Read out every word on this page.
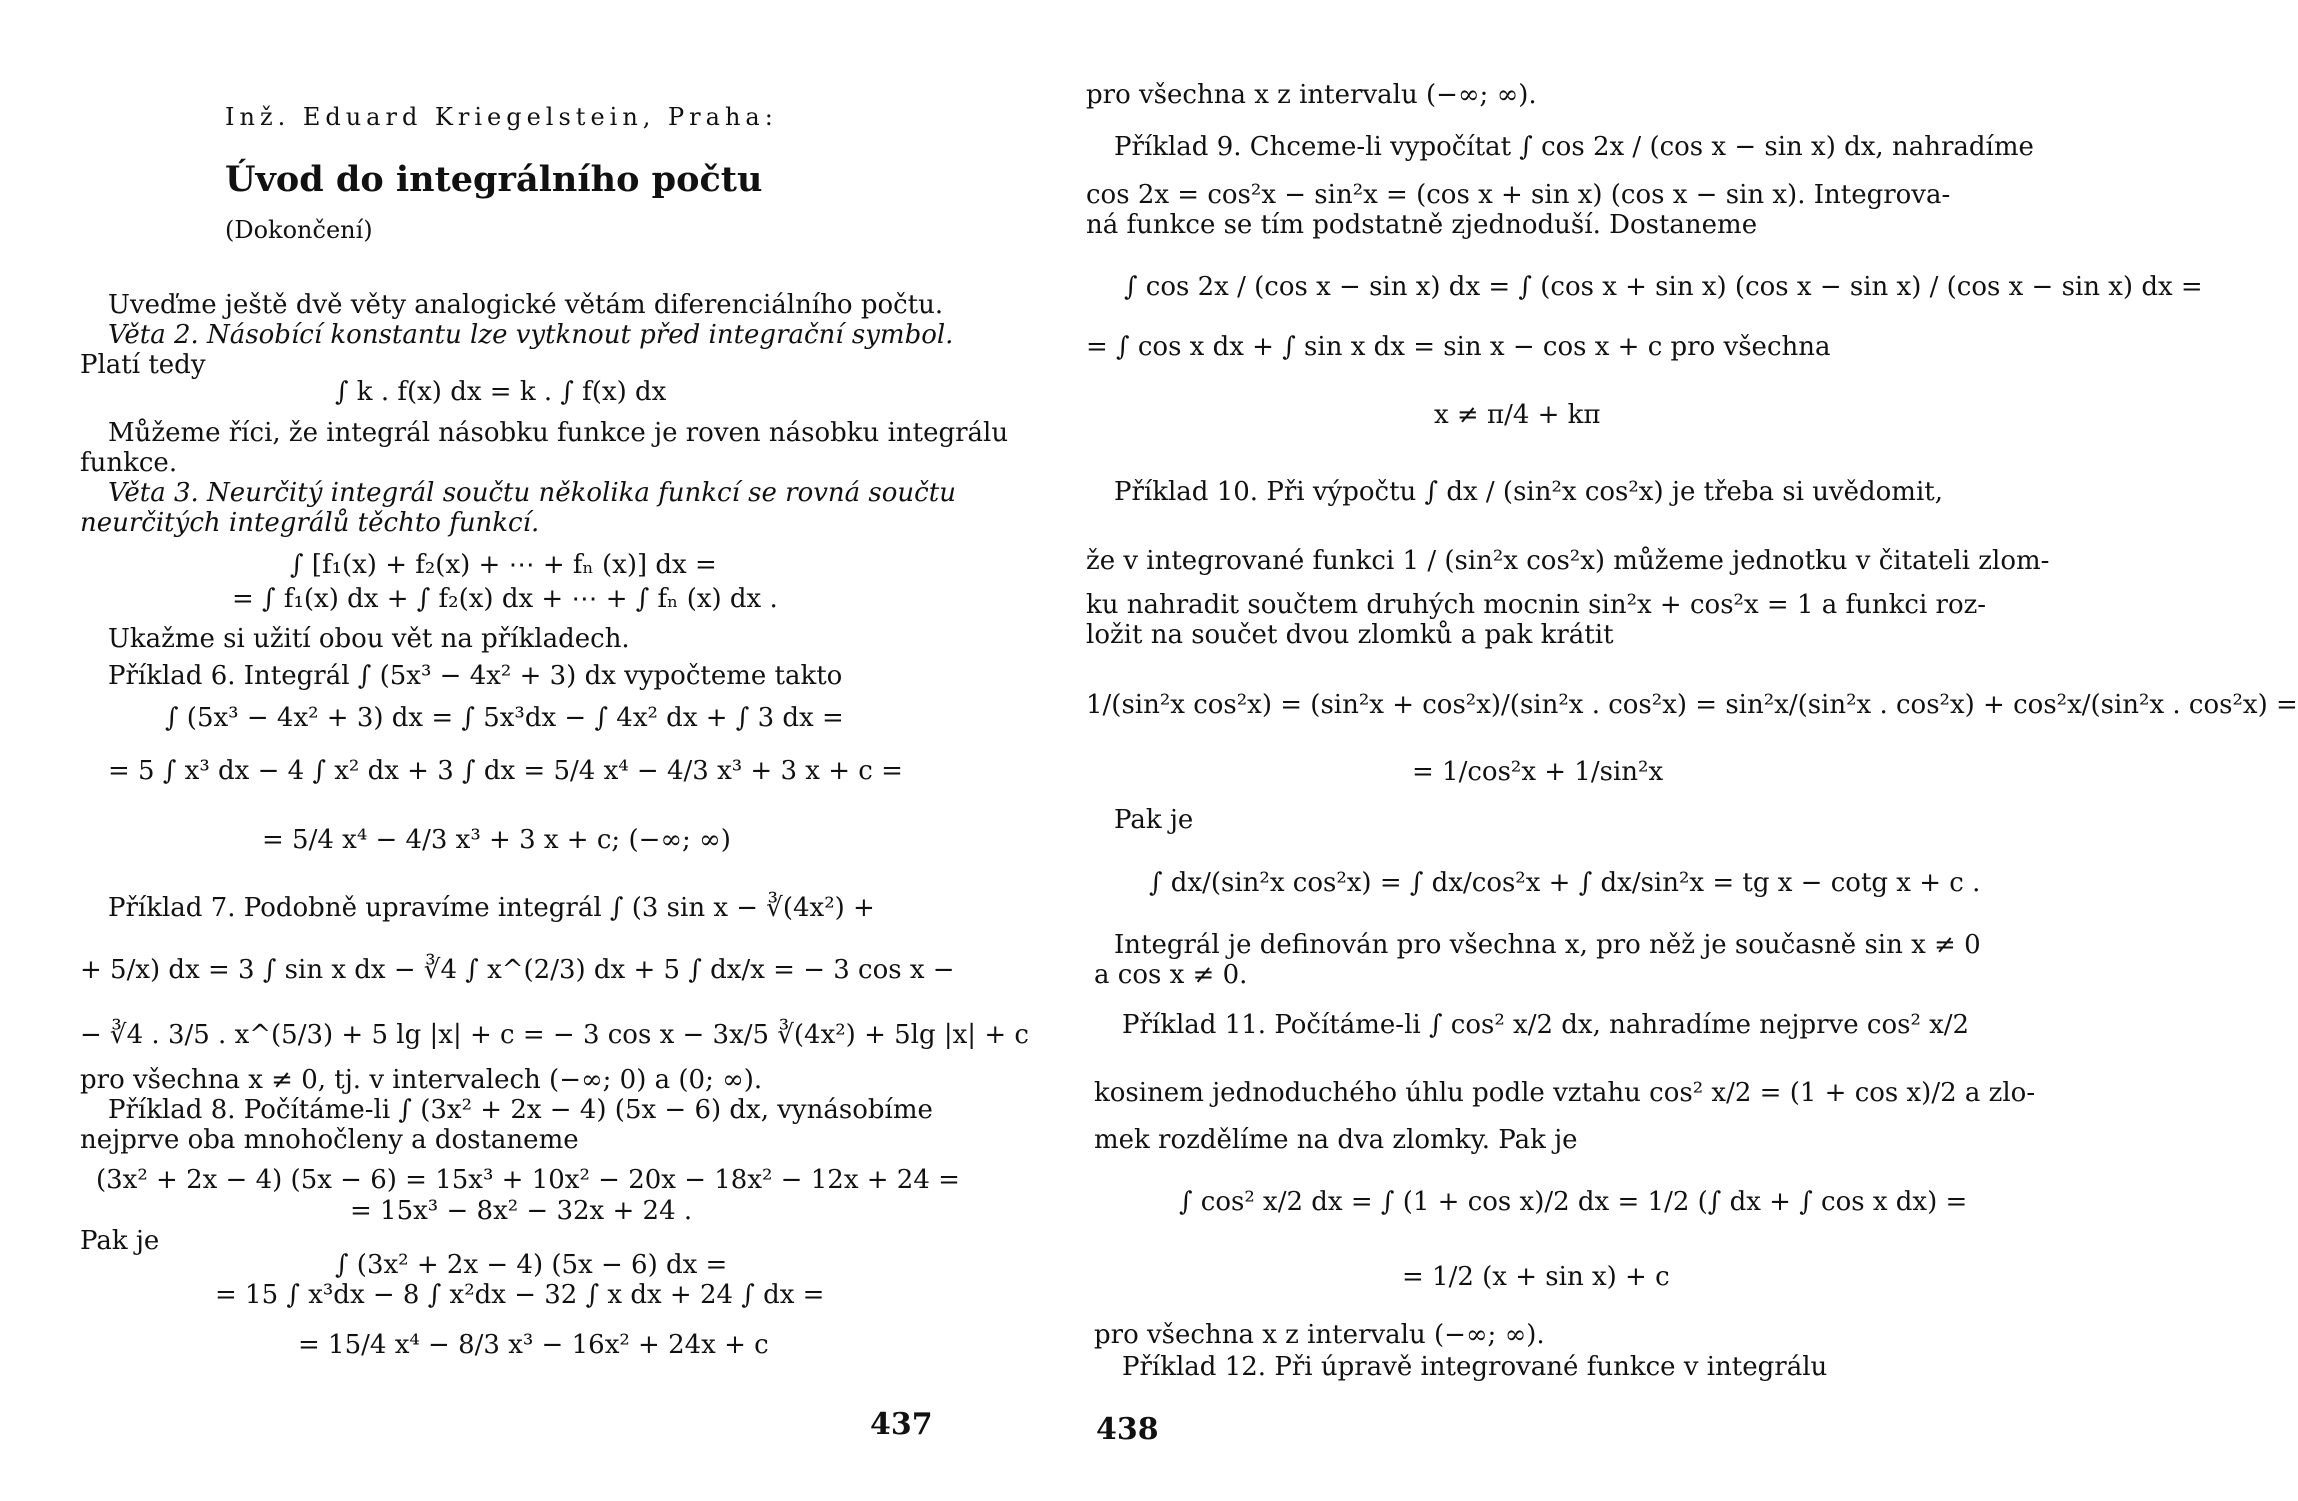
Inž. Eduard Kriegelstein, Praha:
Úvod do integrálního počtu
(Dokončení)
Uveďme ještě dvě věty analogické větám diferenciálního počtu.
Věta 2. Násobící konstantu lze vytknout před integrační symbol.
Platí tedy
∫ k . f(x) dx = k . ∫ f(x) dx
Můžeme říci, že integrál násobku funkce je roven násobku integrálu
funkce.
Věta 3. Neurčitý integrál součtu několika funkcí se rovná součtu
neurčitých integrálů těchto funkcí.
∫ [f₁(x) + f₂(x) + ⋯ + fₙ (x)] dx =
= ∫ f₁(x) dx + ∫ f₂(x) dx + ⋯ + ∫ fₙ (x) dx .
Ukažme si užití obou vět na příkladech.
Příklad 6. Integrál ∫ (5x³ − 4x² + 3) dx vypočteme takto
∫ (5x³ − 4x² + 3) dx = ∫ 5x³dx − ∫ 4x² dx + ∫ 3 dx =
= 5 ∫ x³ dx − 4 ∫ x² dx + 3 ∫ dx = 5/4 x⁴ − 4/3 x³ + 3 x + c =
= 5/4 x⁴ − 4/3 x³ + 3 x + c; (−∞; ∞)
Příklad 7. Podobně upravíme integrál ∫ (3 sin x − ∛(4x²) +
+ 5/x) dx = 3 ∫ sin x dx − ∛4 ∫ x^(2/3) dx + 5 ∫ dx/x = − 3 cos x −
− ∛4 . 3/5 . x^(5/3) + 5 lg |x| + c = − 3 cos x − 3x/5 ∛(4x²) + 5lg |x| + c
pro všechna x ≠ 0, tj. v intervalech (−∞; 0) a (0; ∞).
Příklad 8. Počítáme-li ∫ (3x² + 2x − 4) (5x − 6) dx, vynásobíme
nejprve oba mnohočleny a dostaneme
(3x² + 2x − 4) (5x − 6) = 15x³ + 10x² − 20x − 18x² − 12x + 24 =
= 15x³ − 8x² − 32x + 24 .
Pak je
∫ (3x² + 2x − 4) (5x − 6) dx =
= 15 ∫ x³dx − 8 ∫ x²dx − 32 ∫ x dx + 24 ∫ dx =
= 15/4 x⁴ − 8/3 x³ − 16x² + 24x + c
437
pro všechna x z intervalu (−∞; ∞).
Příklad 9. Chceme-li vypočítat ∫ cos 2x / (cos x − sin x) dx, nahradíme
cos 2x = cos²x − sin²x = (cos x + sin x) (cos x − sin x). Integrova-
ná funkce se tím podstatně zjednoduší. Dostaneme
∫ cos 2x / (cos x − sin x) dx = ∫ (cos x + sin x) (cos x − sin x) / (cos x − sin x) dx =
= ∫ cos x dx + ∫ sin x dx = sin x − cos x + c pro všechna
x ≠ π/4 + kπ
Příklad 10. Při výpočtu ∫ dx / (sin²x cos²x) je třeba si uvědomit,
že v integrované funkci 1 / (sin²x cos²x) můžeme jednotku v čitateli zlom-
ku nahradit součtem druhých mocnin sin²x + cos²x = 1 a funkci roz-
ložit na součet dvou zlomků a pak krátit
1/(sin²x cos²x) = (sin²x + cos²x)/(sin²x . cos²x) = sin²x/(sin²x . cos²x) + cos²x/(sin²x . cos²x) =
= 1/cos²x + 1/sin²x
Pak je
∫ dx/(sin²x cos²x) = ∫ dx/cos²x + ∫ dx/sin²x = tg x − cotg x + c .
Integrál je definován pro všechna x, pro něž je současně sin x ≠ 0
a cos x ≠ 0.
Příklad 11. Počítáme-li ∫ cos² x/2 dx, nahradíme nejprve cos² x/2
kosinem jednoduchého úhlu podle vztahu cos² x/2 = (1 + cos x)/2 a zlo-
mek rozdělíme na dva zlomky. Pak je
∫ cos² x/2 dx = ∫ (1 + cos x)/2 dx = 1/2 (∫ dx + ∫ cos x dx) =
= 1/2 (x + sin x) + c
pro všechna x z intervalu (−∞; ∞).
Příklad 12. Při úpravě integrované funkce v integrálu
438
